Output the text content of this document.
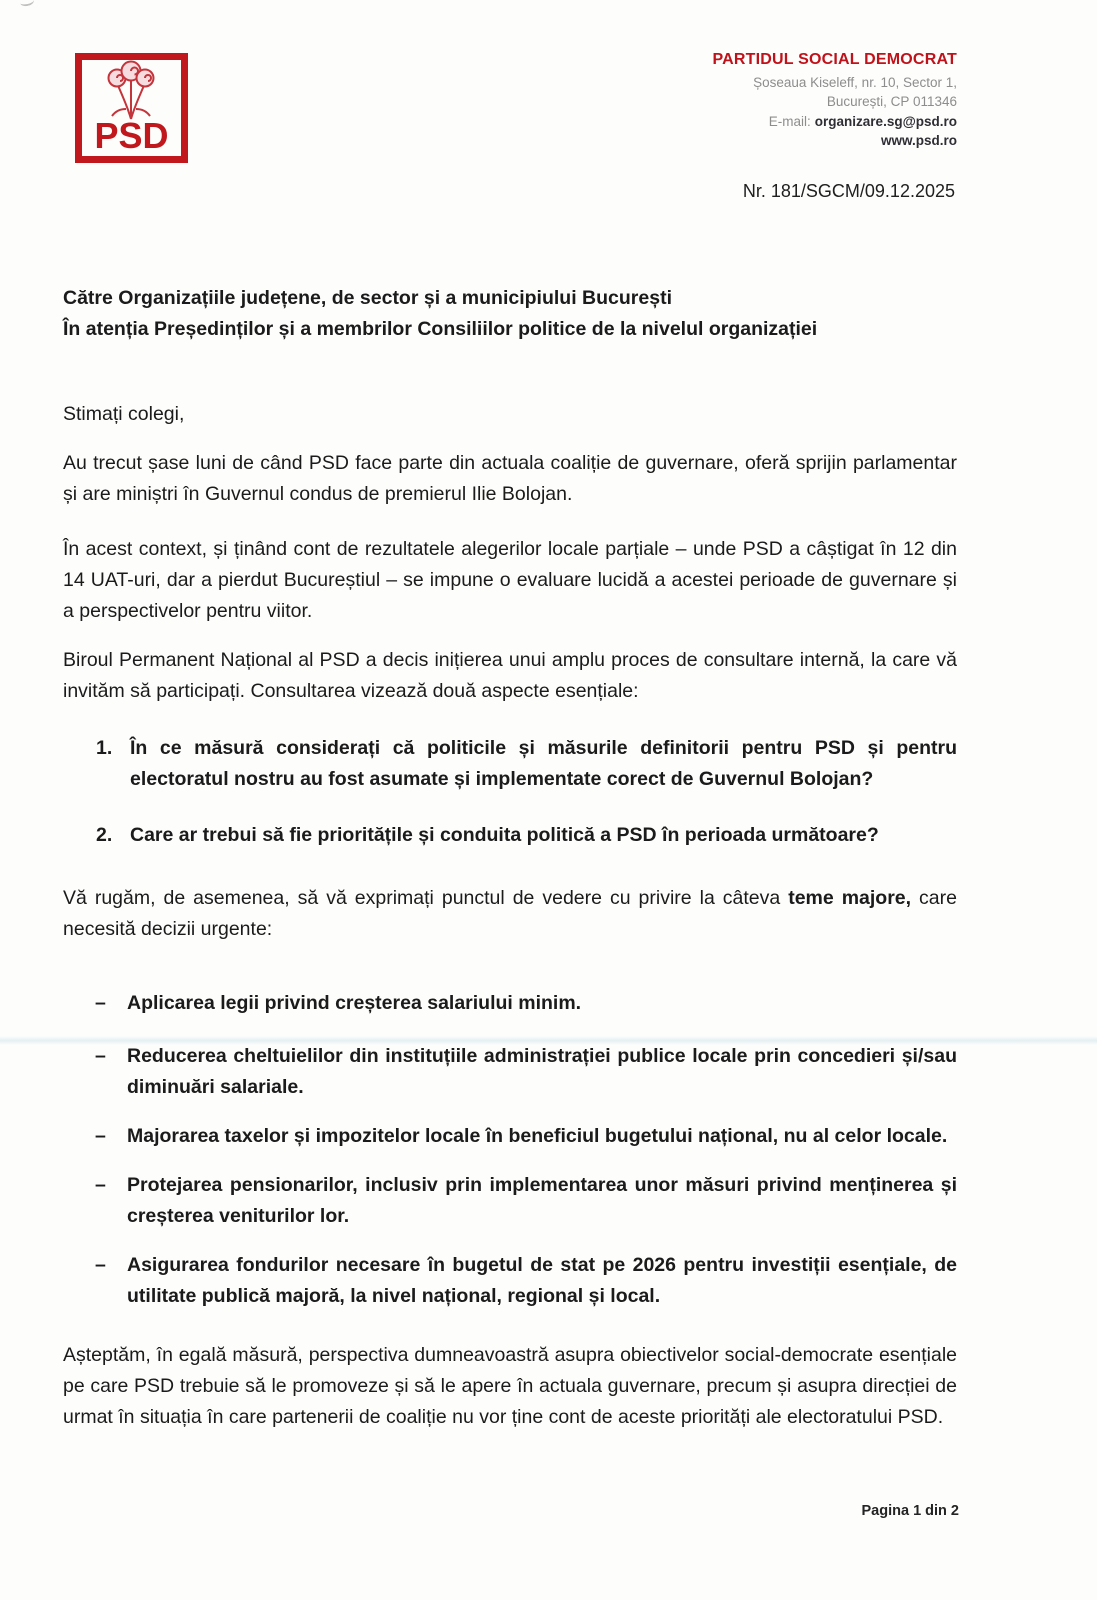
PSD
PARTIDUL SOCIAL DEMOCRAT
Șoseaua Kiseleff, nr. 10, Sector 1,
București, CP 011346
E-mail: organizare.sg@psd.ro
www.psd.ro
Nr. 181/SGCM/09.12.2025
Către Organizațiile județene, de sector și a municipiului București
În atenția Președinților și a membrilor Consiliilor politice de la nivelul organizației
Stimați colegi,
Au trecut șase luni de când PSD face parte din actuala coaliție de guvernare, oferă sprijin parlamentar și are miniștri în Guvernul condus de premierul Ilie Bolojan.
În acest context, și ținând cont de rezultatele alegerilor locale parțiale – unde PSD a câștigat în 12 din 14 UAT-uri, dar a pierdut Bucureștiul – se impune o evaluare lucidă a acestei perioade de guvernare și a perspectivelor pentru viitor.
Biroul Permanent Național al PSD a decis inițierea unui amplu proces de consultare internă, la care vă invităm să participați. Consultarea vizează două aspecte esențiale:
1. În ce măsură considerați că politicile și măsurile definitorii pentru PSD și pentru electoratul nostru au fost asumate și implementate corect de Guvernul Bolojan?
2. Care ar trebui să fie prioritățile și conduita politică a PSD în perioada următoare?
Vă rugăm, de asemenea, să vă exprimați punctul de vedere cu privire la câteva teme majore, care necesită decizii urgente:
–	Aplicarea legii privind creșterea salariului minim.
–	Reducerea cheltuielilor din instituțiile administrației publice locale prin concedieri și/sau diminuări salariale.
–	Majorarea taxelor și impozitelor locale în beneficiul bugetului național, nu al celor locale.
–	Protejarea pensionarilor, inclusiv prin implementarea unor măsuri privind menținerea și creșterea veniturilor lor.
–	Asigurarea fondurilor necesare în bugetul de stat pe 2026 pentru investiții esențiale, de utilitate publică majoră, la nivel național, regional și local.
Așteptăm, în egală măsură, perspectiva dumneavoastră asupra obiectivelor social-democrate esențiale pe care PSD trebuie să le promoveze și să le apere în actuala guvernare, precum și asupra direcției de urmat în situația în care partenerii de coaliție nu vor ține cont de aceste priorități ale electoratului PSD.
Pagina 1 din 2
